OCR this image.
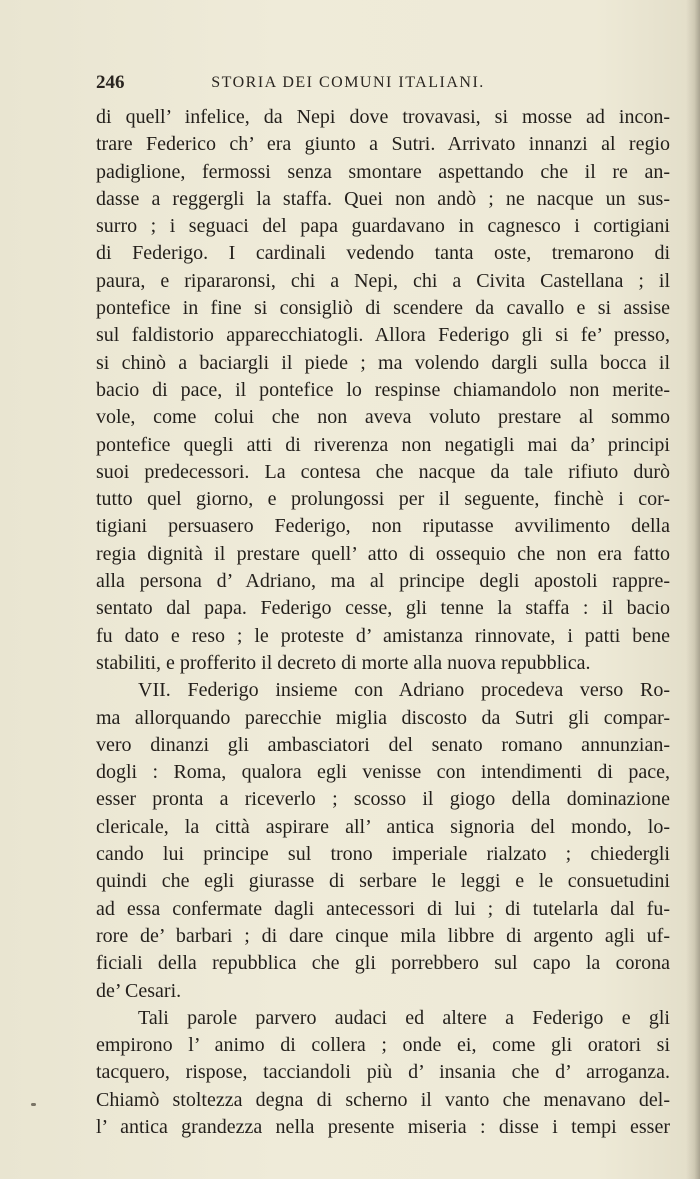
246	STORIA DEI COMUNI ITALIANI.
di quell’ infelice, da Nepi dove trovavasi, si mosse ad incon-
trare Federico ch’ era giunto a Sutri. Arrivato innanzi al regio
padiglione, fermossi senza smontare aspettando che il re an-
dasse a reggergli la staffa. Quei non andò ; ne nacque un sus-
surro ; i seguaci del papa guardavano in cagnesco i cortigiani
di Federigo. I cardinali vedendo tanta oste, tremarono di
paura, e ripararonsi, chi a Nepi, chi a Civita Castellana ; il
pontefice in fine si consigliò di scendere da cavallo e si assise
sul faldistorio apparecchiatogli. Allora Federigo gli si fe’ presso,
si chinò a baciargli il piede ; ma volendo dargli sulla bocca il
bacio di pace, il pontefice lo respinse chiamandolo non merite-
vole, come colui che non aveva voluto prestare al sommo
pontefice quegli atti di riverenza non negatigli mai da’ principi
suoi predecessori. La contesa che nacque da tale rifiuto durò
tutto quel giorno, e prolungossi per il seguente, finchè i cor-
tigiani persuasero Federigo, non riputasse avvilimento della
regia dignità il prestare quell’ atto di ossequio che non era fatto
alla persona d’ Adriano, ma al principe degli apostoli rappre-
sentato dal papa. Federigo cesse, gli tenne la staffa : il bacio
fu dato e reso ; le proteste d’ amistanza rinnovate, i patti bene
stabiliti, e profferito il decreto di morte alla nuova repubblica.
VII. Federigo insieme con Adriano procedeva verso Ro-
ma allorquando parecchie miglia discosto da Sutri gli compar-
vero dinanzi gli ambasciatori del senato romano annunzian-
dogli : Roma, qualora egli venisse con intendimenti di pace,
esser pronta a riceverlo ; scosso il giogo della dominazione
clericale, la città aspirare all’ antica signoria del mondo, lo-
cando lui principe sul trono imperiale rialzato ; chiedergli
quindi che egli giurasse di serbare le leggi e le consuetudini
ad essa confermate dagli antecessori di lui ; di tutelarla dal fu-
rore de’ barbari ; di dare cinque mila libbre di argento agli uf-
ficiali della repubblica che gli porrebbero sul capo la corona
de’ Cesari.
Tali parole parvero audaci ed altere a Federigo e gli
empirono l’ animo di collera ; onde ei, come gli oratori si
tacquero, rispose, tacciandoli più d’ insania che d’ arroganza.
Chiamò stoltezza degna di scherno il vanto che menavano del-
l’ antica grandezza nella presente miseria : disse i tempi esser
